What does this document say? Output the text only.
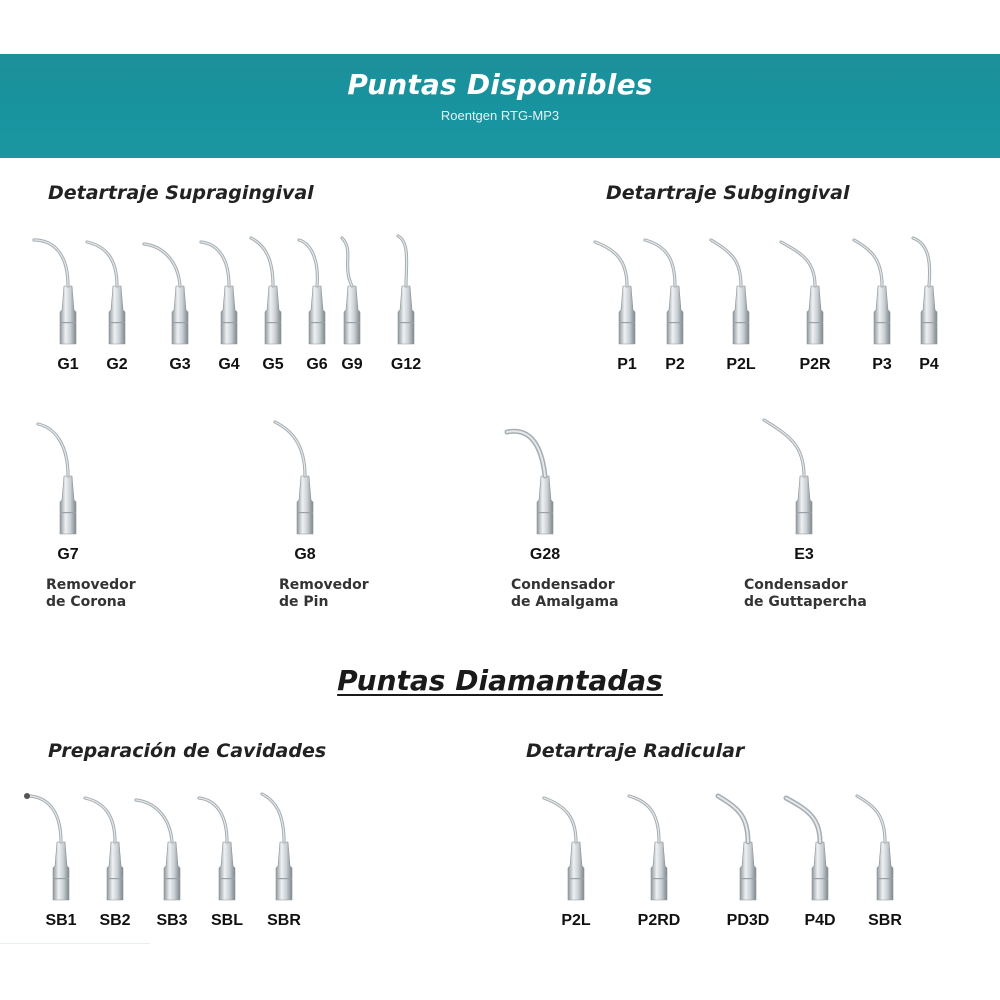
Puntas Disponibles
Roentgen RTG-MP3
Detartraje Supragingival	Detartraje Subgingival
G1	G2	G3	G4	G5	G6 G9	G12	P1	P2	P2L	P2R	P3	P4
G7
Removedor
de Corona
G8
Removedor
de Pin
G28
Condensador
de Amalgama
E3
Condensador
de Guttapercha
Puntas Diamantadas
Preparación de Cavidades	Detartraje Radicular
SB1	SB2	SB3	SBL	SBR	P2L	P2RD	PD3D	P4D	SBR
